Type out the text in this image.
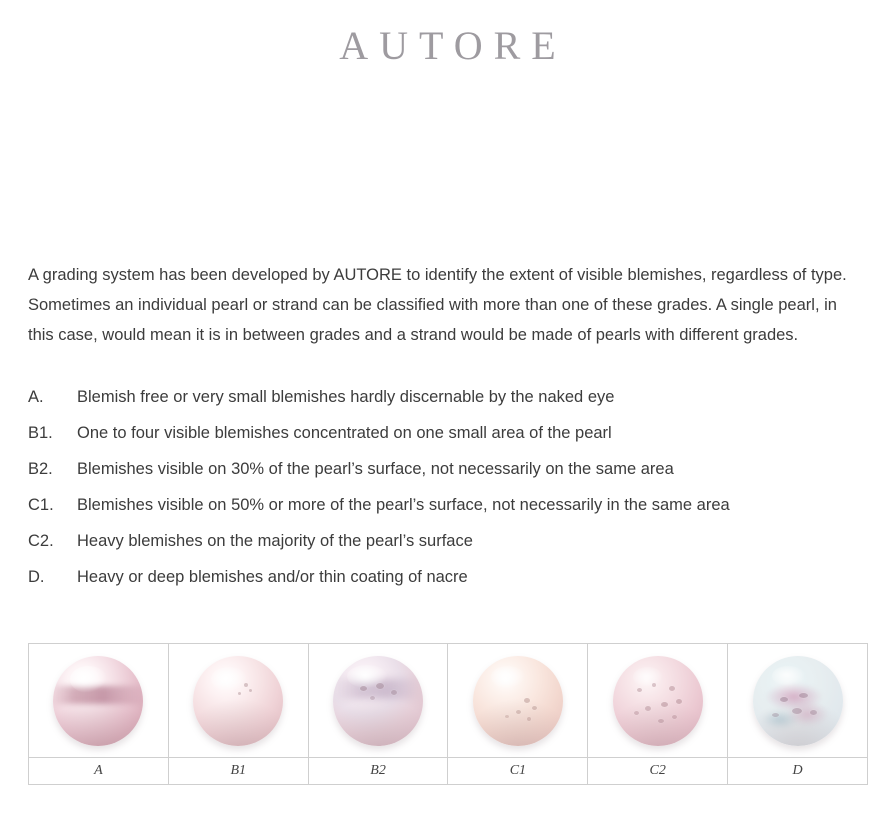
AUTORE

A grading system has been developed by AUTORE to identify the extent of visible blemishes, regardless of type. Sometimes an individual pearl or strand can be classified with more than one of these grades. A single pearl, in this case, would mean it is in between grades and a strand would be made of pearls with different grades.

A.	Blemish free or very small blemishes hardly discernable by the naked eye
B1.	One to four visible blemishes concentrated on one small area of the pearl
B2.	Blemishes visible on 30% of the pearl’s surface, not necessarily on the same area
C1.	Blemishes visible on 50% or more of the pearl’s surface, not necessarily in the same area
C2.	Heavy blemishes on the majority of the pearl’s surface
D.	Heavy or deep blemishes and/or thin coating of nacre
A	B1	B2	C1	C2	D
